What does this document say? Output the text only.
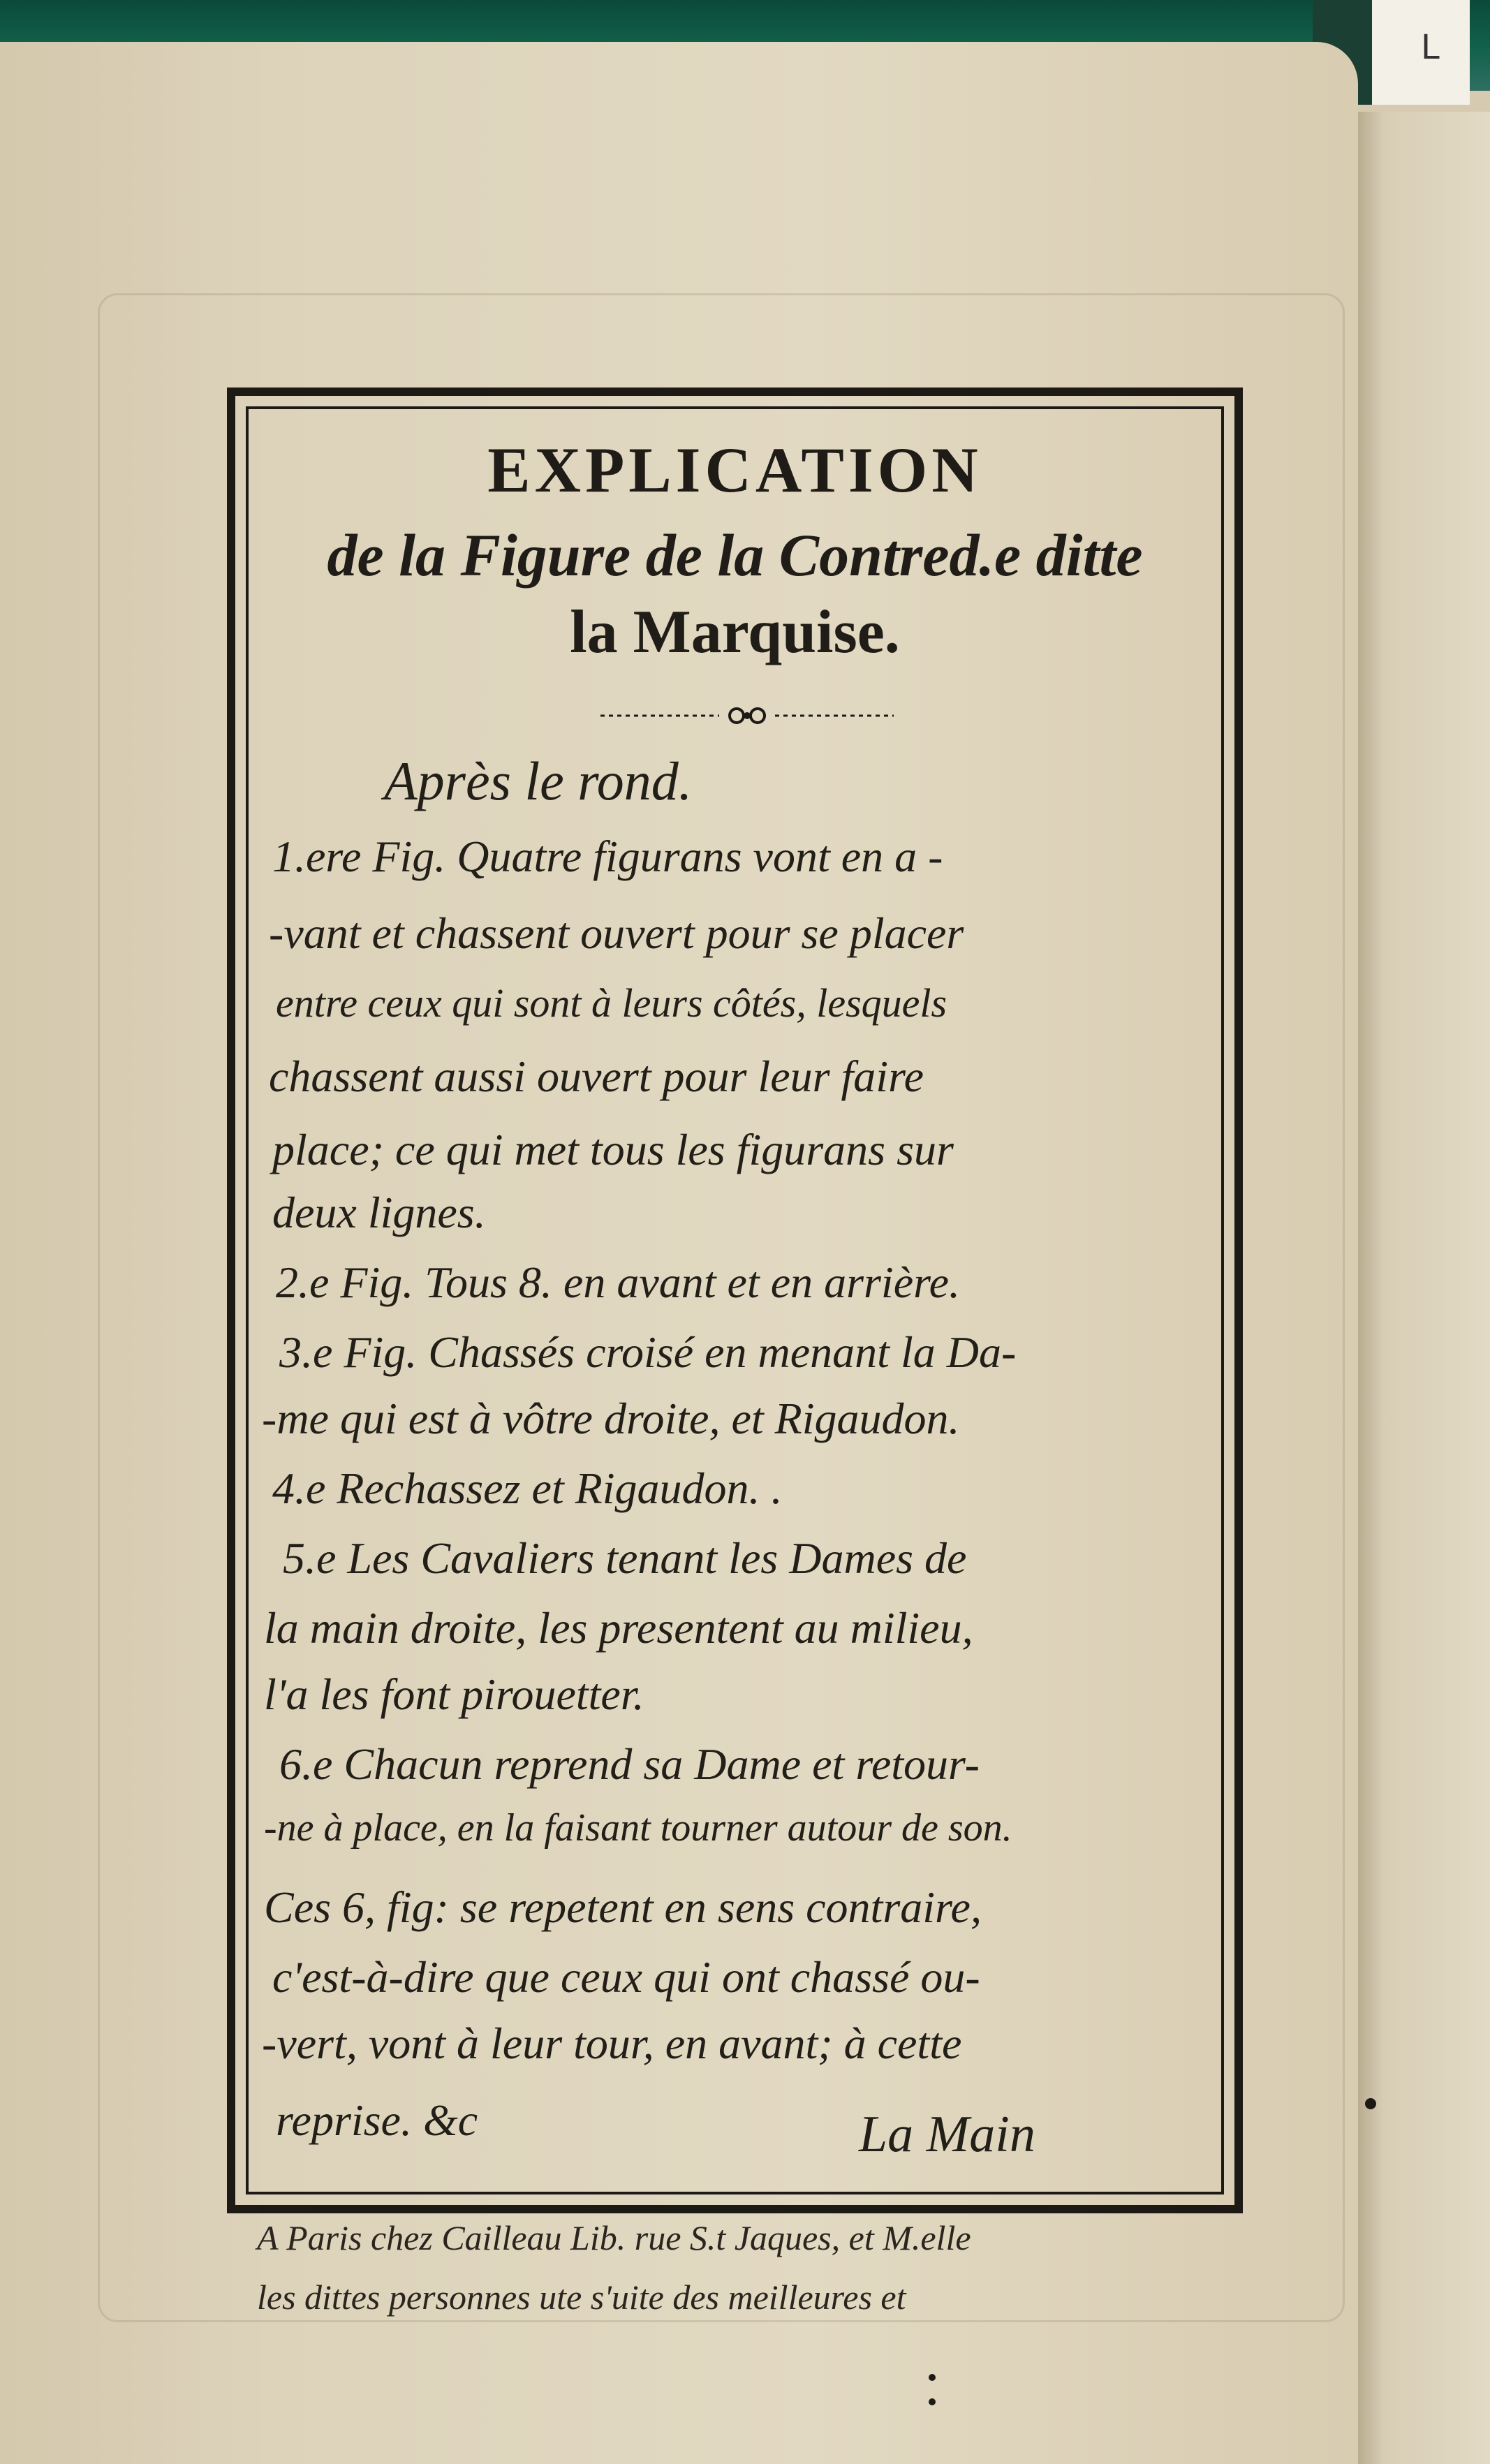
L
EXPLICATION
de la Figure de la Contred.e ditte
la Marquise.
Après le rond.
1.ere Fig. Quatre figurans vont en a -
-vant et chassent ouvert pour se placer
entre ceux qui sont à leurs côtés, lesquels
chassent aussi ouvert pour leur faire
place; ce qui met tous les figurans sur
deux lignes.
2.e Fig. Tous 8. en avant et en arrière.
3.e Fig. Chassés croisé en menant la Da-
-me qui est à vôtre droite, et Rigaudon.
4.e Rechassez et Rigaudon. .
5.e Les Cavaliers tenant les Dames de
la main droite, les presentent au milieu,
l'a les font pirouetter.
6.e Chacun reprend sa Dame et retour-
-ne à place, en la faisant tourner autour de son.
Ces 6, fig: se repetent en sens contraire,
c'est-à-dire que ceux qui ont chassé ou-
-vert, vont à leur tour, en avant; à cette
reprise. &c	La Main
A Paris chez Cailleau Lib. rue S.t Jaques, et M.elle
les dittes personnes ute s'uite des meilleures et
